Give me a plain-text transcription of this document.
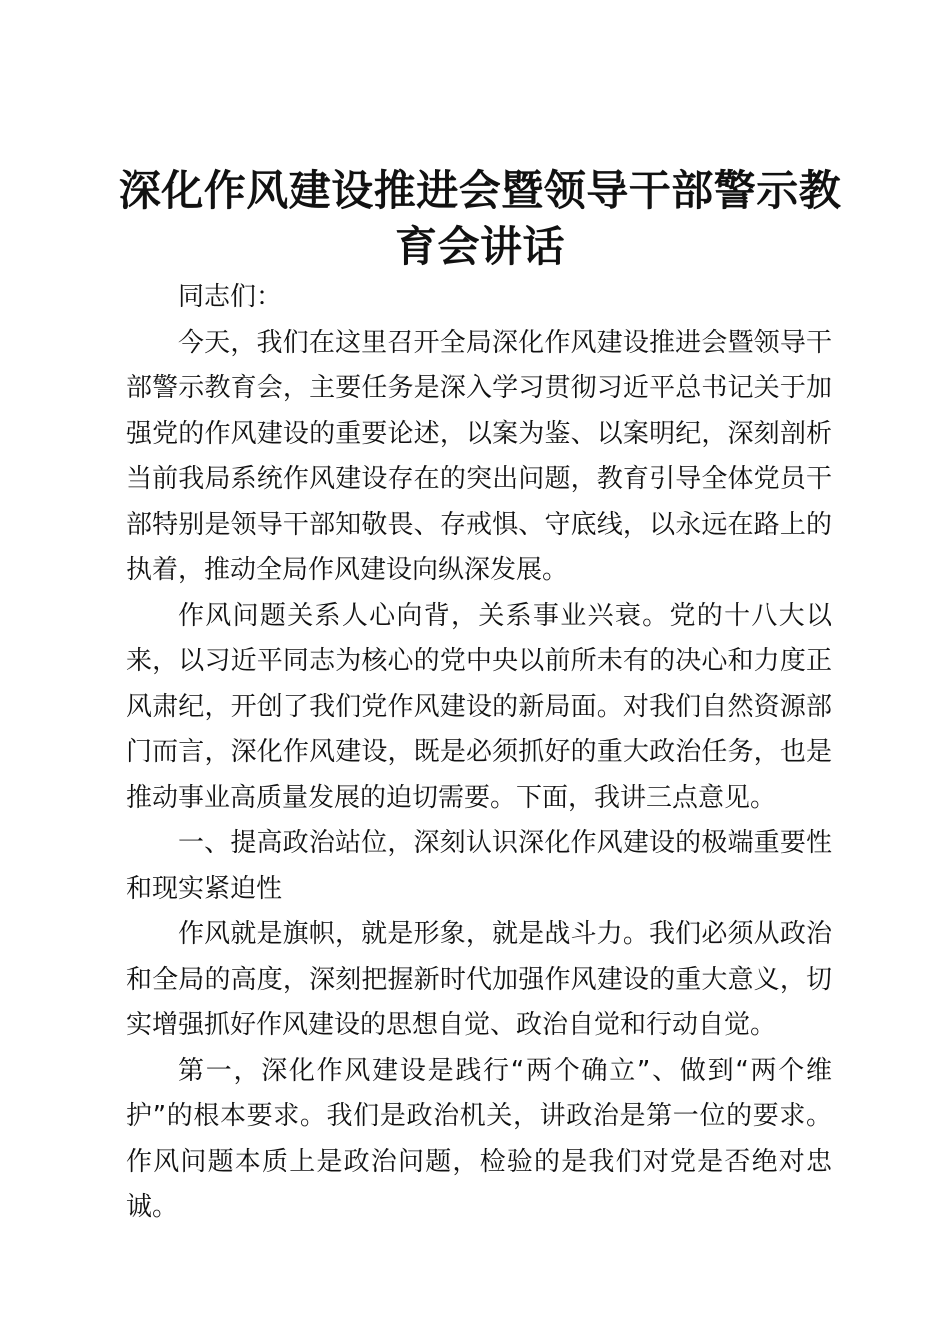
深化作风建设推进会暨领导干部警示教育会讲话

同志们：

今天，我们在这里召开全局深化作风建设推进会暨领导干部警示教育会，主要任务是深入学习贯彻习近平总书记关于加强党的作风建设的重要论述，以案为鉴、以案明纪，深刻剖析当前我局系统作风建设存在的突出问题，教育引导全体党员干部特别是领导干部知敬畏、存戒惧、守底线，以永远在路上的执着，推动全局作风建设向纵深发展。

作风问题关系人心向背，关系事业兴衰。党的十八大以来，以习近平同志为核心的党中央以前所未有的决心和力度正风肃纪，开创了我们党作风建设的新局面。对我们自然资源部门而言，深化作风建设，既是必须抓好的重大政治任务，也是推动事业高质量发展的迫切需要。下面，我讲三点意见。

一、提高政治站位，深刻认识深化作风建设的极端重要性和现实紧迫性

作风就是旗帜，就是形象，就是战斗力。我们必须从政治和全局的高度，深刻把握新时代加强作风建设的重大意义，切实增强抓好作风建设的思想自觉、政治自觉和行动自觉。

第一，深化作风建设是践行“两个确立”、做到“两个维护”的根本要求。我们是政治机关，讲政治是第一位的要求。作风问题本质上是政治问题，检验的是我们对党是否绝对忠诚。
